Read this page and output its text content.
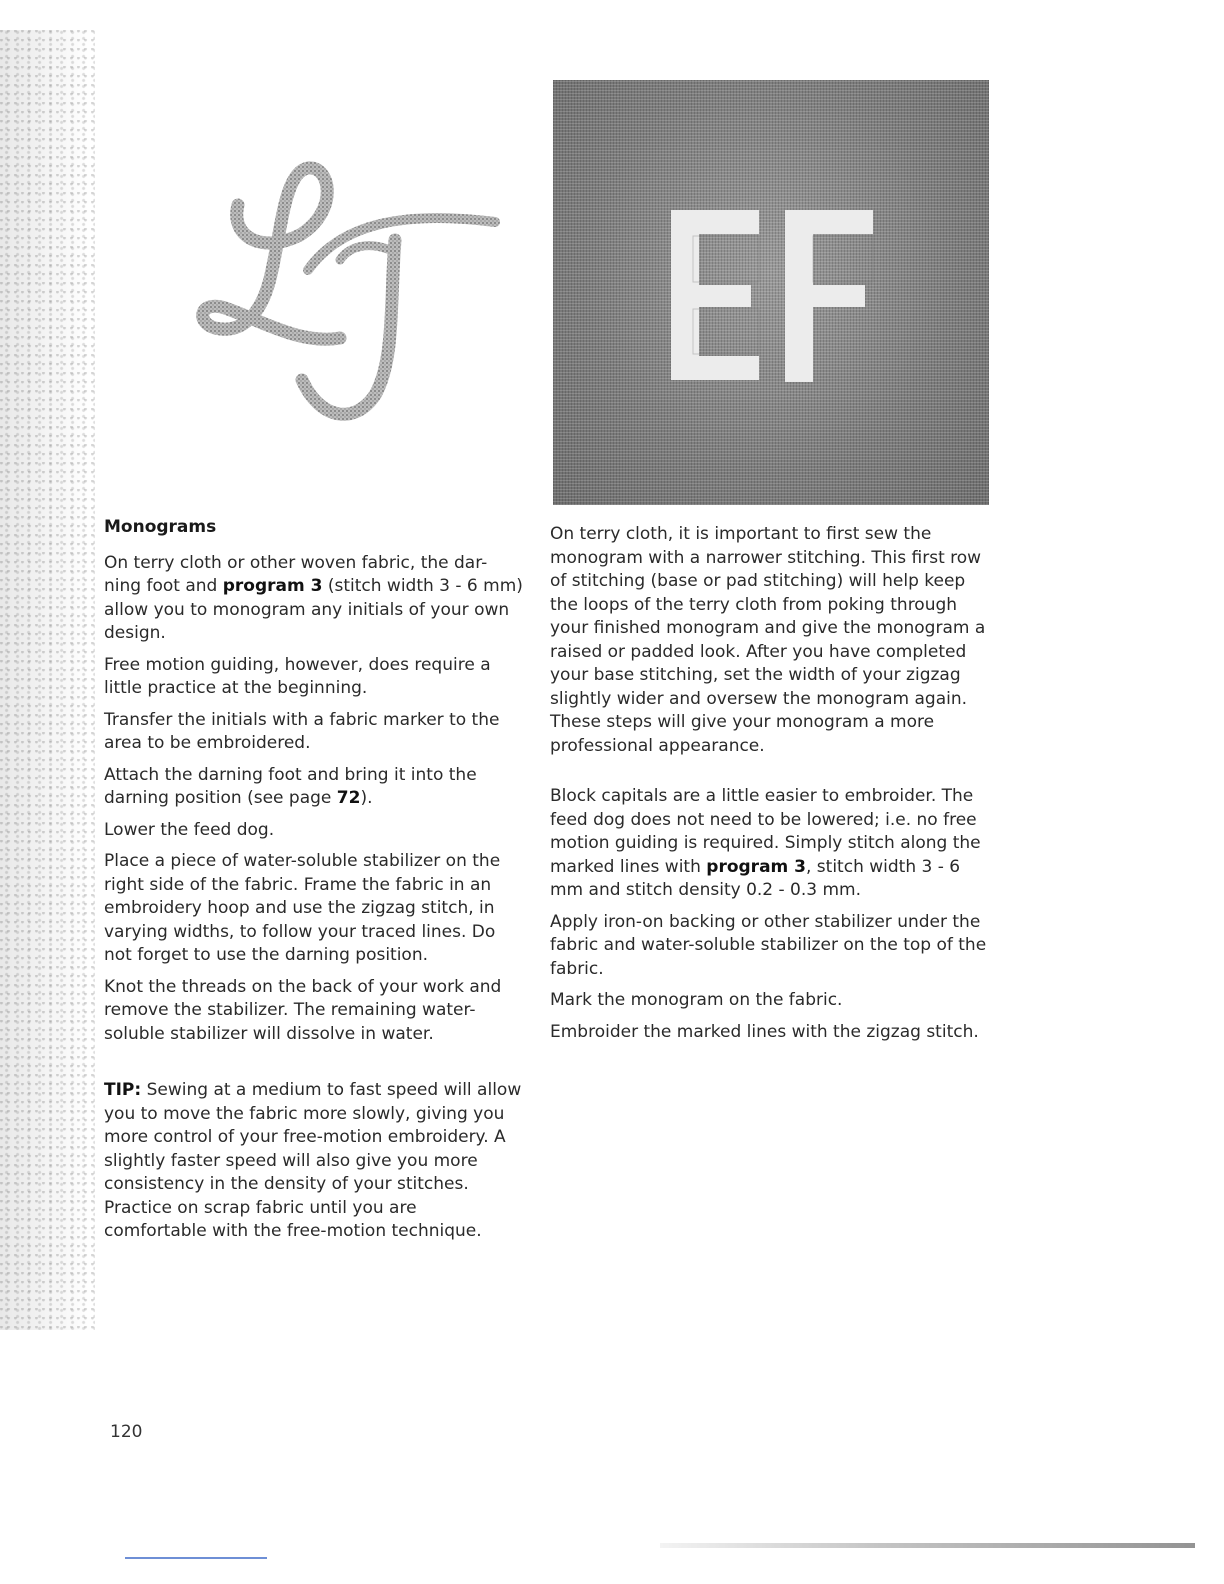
Monograms

On terry cloth or other woven fabric, the dar-ning foot and program 3 (stitch width 3 - 6 mm) allow you to monogram any initials of your own design.

Free motion guiding, however, does require a little practice at the beginning.

Transfer the initials with a fabric marker to the area to be embroidered.

Attach the darning foot and bring it into the darning position (see page 72).

Lower the feed dog.

Place a piece of water-soluble stabilizer on the right side of the fabric. Frame the fabric in an embroidery hoop and use the zigzag stitch, in varying widths, to follow your traced lines. Do not forget to use the darning position.

Knot the threads on the back of your work and remove the stabilizer. The remaining water-soluble stabilizer will dissolve in water.

TIP: Sewing at a medium to fast speed will allow you to move the fabric more slowly, giving you more control of your free-motion embroidery. A slightly faster speed will also give you more consistency in the density of your stitches. Practice on scrap fabric until you are comfortable with the free-motion technique.

On terry cloth, it is important to first sew the monogram with a narrower stitching. This first row of stitching (base or pad stitching) will help keep the loops of the terry cloth from poking through your finished monogram and give the monogram a raised or padded look. After you have completed your base stitching, set the width of your zigzag slightly wider and oversew the monogram again. These steps will give your monogram a more professional appearance.

Block capitals are a little easier to embroider. The feed dog does not need to be lowered; i.e. no free motion guiding is required. Simply stitch along the marked lines with program 3, stitch width 3 - 6 mm and stitch density 0.2 - 0.3 mm.

Apply iron-on backing or other stabilizer under the fabric and water-soluble stabilizer on the top of the fabric.

Mark the monogram on the fabric.

Embroider the marked lines with the zigzag stitch.

120
